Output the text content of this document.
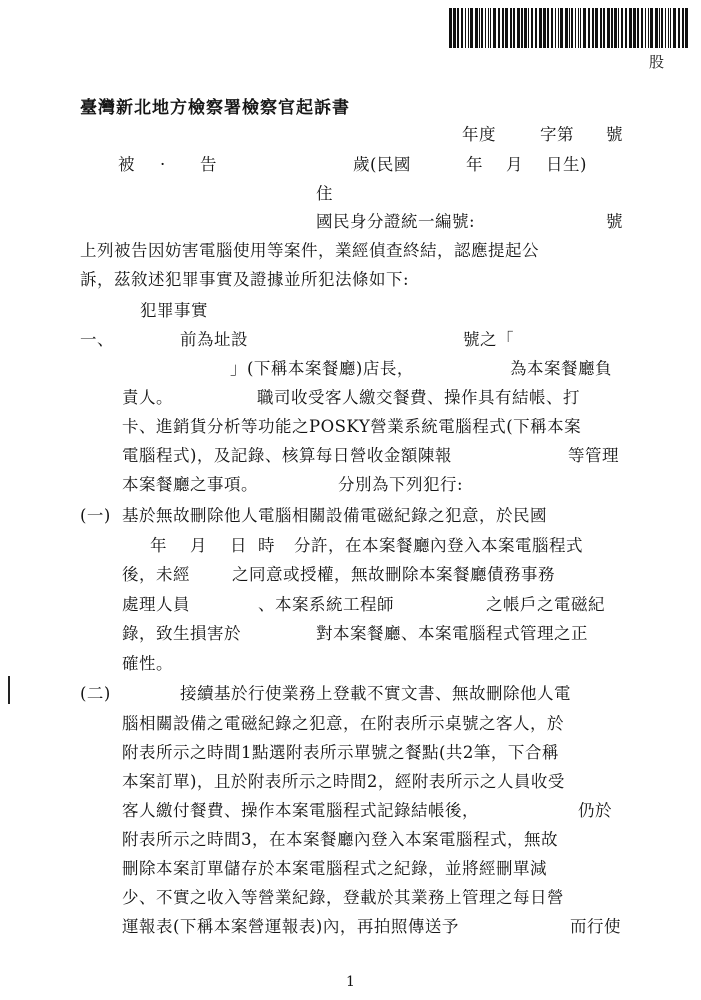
股
臺灣新北地方檢察署檢察官起訴書
年度	字第 號
被 · 告	歲(民國	年 月 日生)
住
國民身分證統一編號:	號
上列被告因妨害電腦使用等案件，業經偵查終結，認應提起公
訴，茲敘述犯罪事實及證據並所犯法條如下:
犯罪事實
一、	前為址設	號之「
」(下稱本案餐廳)店長，	為本案餐廳負
責人。	職司收受客人繳交餐費、操作具有結帳、打
卡、進銷貨分析等功能之POSKY營業系統電腦程式(下稱本案
電腦程式)，及記錄、核算每日營收金額陳報	等管理
本案餐廳之事項。	分別為下列犯行:
(一) 基於無故刪除他人電腦相關設備電磁紀錄之犯意，於民國
年 月 日 時 分許，在本案餐廳內登入本案電腦程式
後，未經	之同意或授權，無故刪除本案餐廳債務事務
處理人員	、本案系統工程師	之帳戶之電磁紀
錄，致生損害於	對本案餐廳、本案電腦程式管理之正
確性。
(二)	接續基於行使業務上登載不實文書、無故刪除他人電
腦相關設備之電磁紀錄之犯意，在附表所示桌號之客人，於
附表所示之時間1點選附表所示單號之餐點(共2筆，下合稱
本案訂單)，且於附表所示之時間2，經附表所示之人員收受
客人繳付餐費、操作本案電腦程式記錄結帳後，	仍於
附表所示之時間3，在本案餐廳內登入本案電腦程式，無故
刪除本案訂單儲存於本案電腦程式之紀錄，並將經刪單減
少、不實之收入等營業紀錄，登載於其業務上管理之每日營
運報表(下稱本案營運報表)內，再拍照傳送予	而行使
1
